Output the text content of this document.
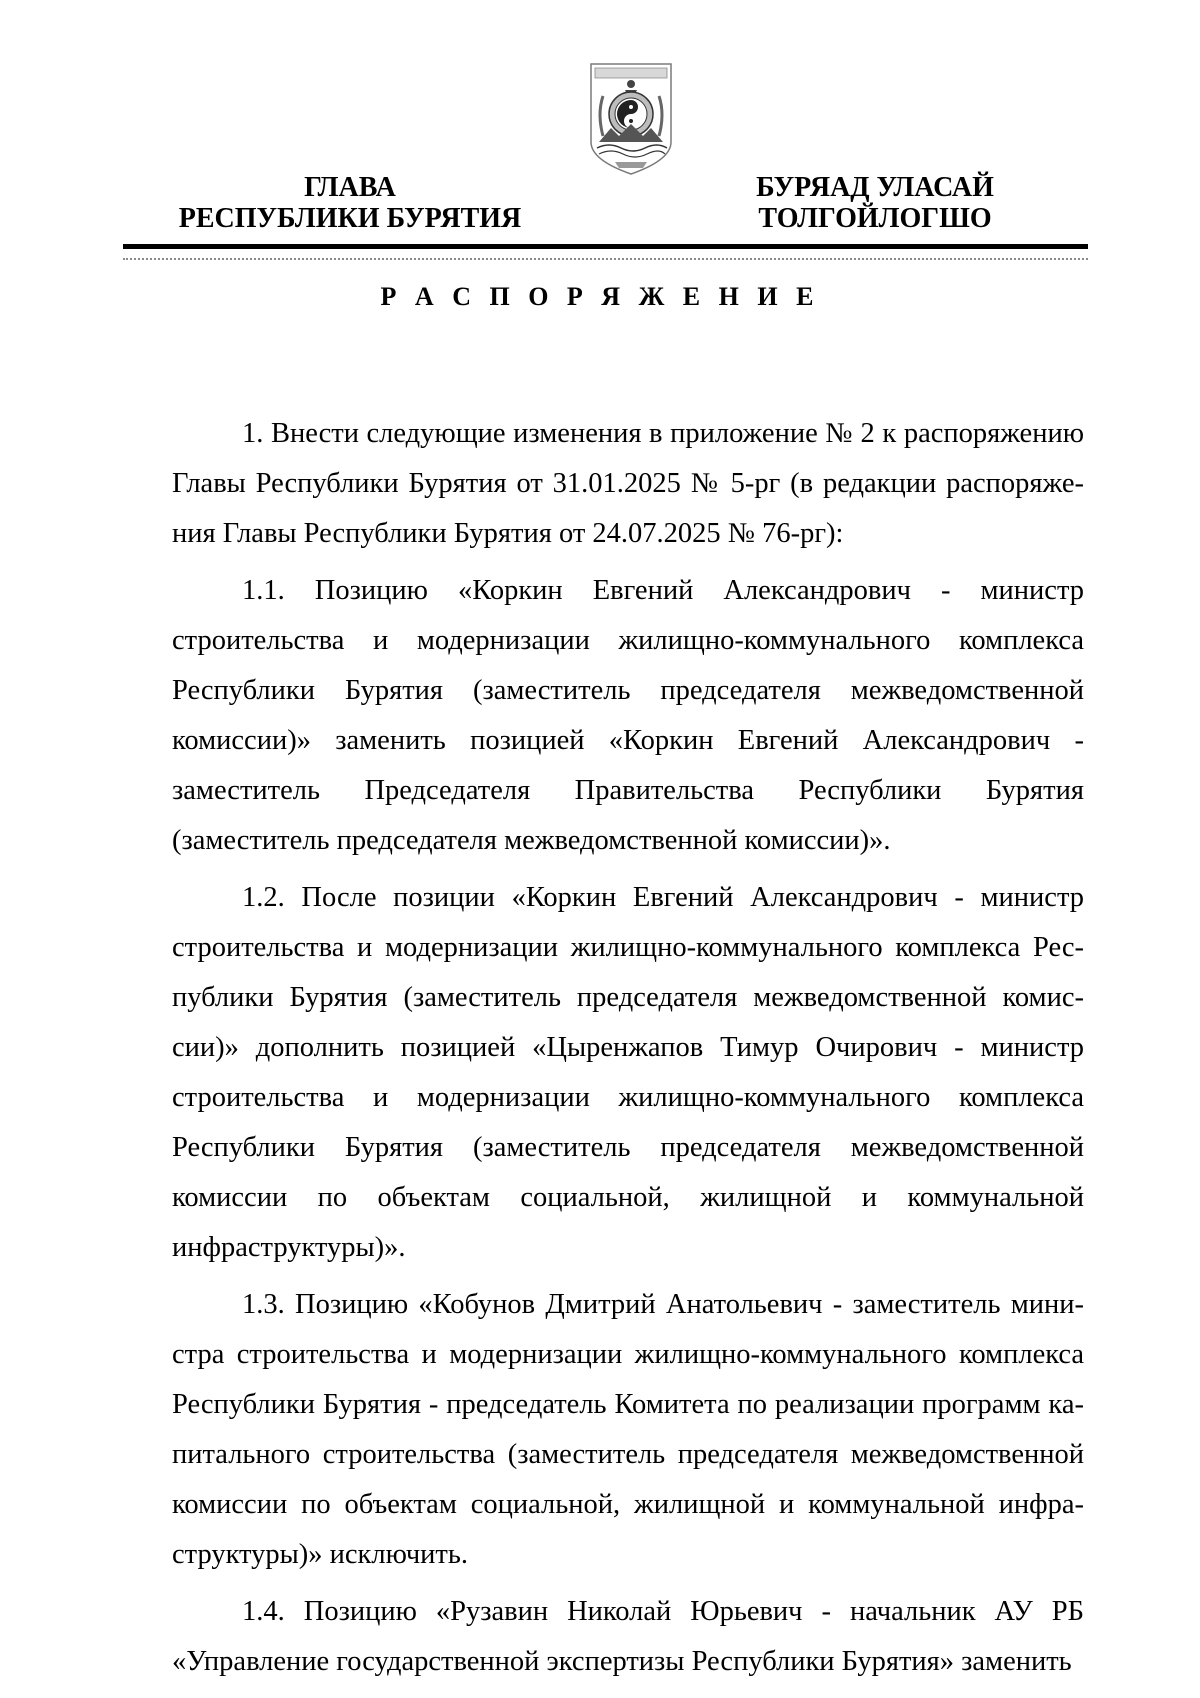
ГЛАВА
РЕСПУБЛИКИ БУРЯТИЯ
БУРЯАД УЛАСАЙ
ТОЛГОЙЛОГШО
Р А С П О Р Я Ж Е Н И Е

1. Внести следующие изменения в приложение № 2 к распоряжению Главы Республики Бурятия от 31.01.2025 № 5-рг (в редакции распоряжения Главы Республики Бурятия от 24.07.2025 № 76-рг):

1.1. Позицию «Коркин Евгений Александрович - министр строительства и модернизации жилищно-коммунального комплекса Республики Бурятия (заместитель председателя межведомственной комиссии)» заменить позицией «Коркин Евгений Александрович - заместитель Председателя Правительства Республики Бурятия (заместитель председателя межведомственной комиссии)».

1.2. После позиции «Коркин Евгений Александрович - министр строительства и модернизации жилищно-коммунального комплекса Республики Бурятия (заместитель председателя межведомственной комиссии)» дополнить позицией «Цыренжапов Тимур Очирович - министр строительства и модернизации жилищно-коммунального комплекса Республики Бурятия (заместитель председателя межведомственной комиссии по объектам социальной, жилищной и коммунальной инфраструктуры)».

1.3. Позицию «Кобунов Дмитрий Анатольевич - заместитель министра строительства и модернизации жилищно-коммунального комплекса Республики Бурятия - председатель Комитета по реализации программ капитального строительства (заместитель председателя межведомственной комиссии по объектам социальной, жилищной и коммунальной инфраструктуры)» исключить.

1.4. Позицию «Рузавин Николай Юрьевич - начальник АУ РБ «Управление государственной экспертизы Республики Бурятия» заменить
